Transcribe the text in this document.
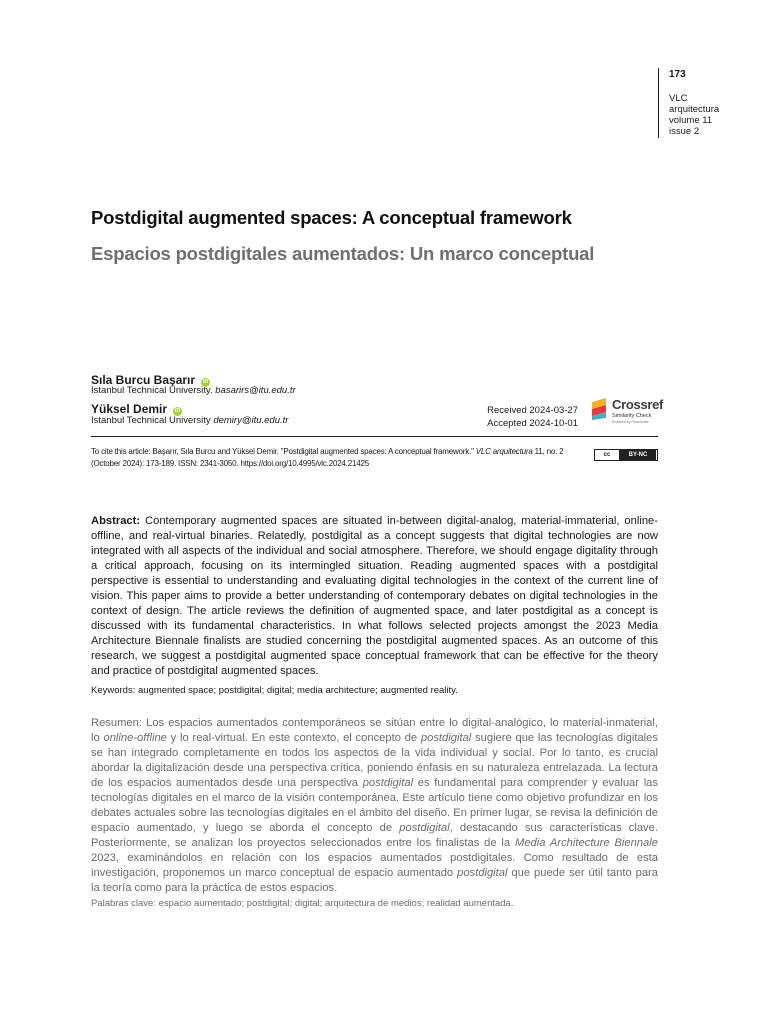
173
VLC
arquitectura
volume 11
issue 2
Postdigital augmented spaces: A conceptual framework
Espacios postdigitales aumentados: Un marco conceptual
Sıla Burcu Başarır iD
Istanbul Technical University. basarirs@itu.edu.tr
Yüksel Demir iD
Istanbul Technical University demiry@itu.edu.tr
Received 2024-03-27
Accepted 2024-10-01
Crossref
Similarity Check
Powered by iThenticate
To cite this article: Başarır, Sıla Burcu and Yüksel Demir. "Postdigital augmented spaces: A conceptual framework." VLC arquitectura 11, no. 2 (October 2024): 173-189. ISSN: 2341-3050. https://doi.org/10.4995/vlc.2024.21425
cc	BY-NC
Abstract: Contemporary augmented spaces are situated in-between digital-analog, material-immaterial, online-offline, and real-virtual binaries. Relatedly, postdigital as a concept suggests that digital technologies are now integrated with all aspects of the individual and social atmosphere. Therefore, we should engage digitality through a critical approach, focusing on its intermingled situation. Reading augmented spaces with a postdigital perspective is essential to understanding and evaluating digital technologies in the context of the current line of vision. This paper aims to provide a better understanding of contemporary debates on digital technologies in the context of design. The article reviews the definition of augmented space, and later postdigital as a concept is discussed with its fundamental characteristics. In what follows selected projects amongst the 2023 Media Architecture Biennale finalists are studied concerning the postdigital augmented spaces. As an outcome of this research, we suggest a postdigital augmented space conceptual framework that can be effective for the theory and practice of postdigital augmented spaces.
Keywords: augmented space; postdigital; digital; media architecture; augmented reality.
Resumen: Los espacios aumentados contemporáneos se sitúan entre lo digital-analógico, lo material-inmaterial, lo online-offline y lo real-virtual. En este contexto, el concepto de postdigital sugiere que las tecnologías digitales se han integrado completamente en todos los aspectos de la vida individual y social. Por lo tanto, es crucial abordar la digitalización desde una perspectiva crítica, poniendo énfasis en su naturaleza entrelazada. La lectura de los espacios aumentados desde una perspectiva postdigital es fundamental para comprender y evaluar las tecnologías digitales en el marco de la visión contemporánea. Este artículo tiene como objetivo profundizar en los debates actuales sobre las tecnologías digitales en el ámbito del diseño. En primer lugar, se revisa la definición de espacio aumentado, y luego se aborda el concepto de postdigital, destacando sus características clave. Posteriormente, se analizan los proyectos seleccionados entre los finalistas de la Media Architecture Biennale 2023, examinándolos en relación con los espacios aumentados postdigitales. Como resultado de esta investigación, proponemos un marco conceptual de espacio aumentado postdigital que puede ser útil tanto para la teoría como para la práctica de estos espacios.
Palabras clave: espacio aumentado; postdigital; digital; arquitectura de medios; realidad aumentada.
